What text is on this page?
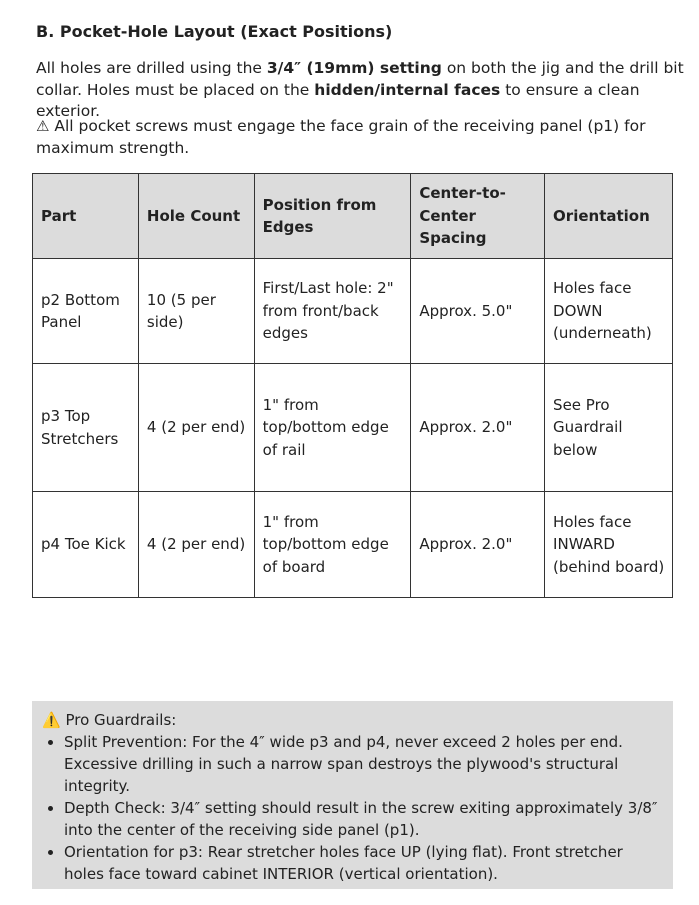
B. Pocket-Hole Layout (Exact Positions)

All holes are drilled using the 3/4″ (19mm) setting on both the jig and the drill bit collar. Holes must be placed on the hidden/internal faces to ensure a clean exterior.

⚠ All pocket screws must engage the face grain of the receiving panel (p1) for maximum strength.

Part	Hole Count	Position from Edges	Center-to-Center Spacing	Orientation
p2 Bottom Panel	10 (5 per side)	First/Last hole: 2" from front/back edges	Approx. 5.0"	Holes face DOWN (underneath)
p3 Top Stretchers	4 (2 per end)	1" from top/bottom edge of rail	Approx. 2.0"	See Pro Guardrail below
p4 Toe Kick	4 (2 per end)	1" from top/bottom edge of board	Approx. 2.0"	Holes face INWARD (behind board)
⚠️ Pro Guardrails:
• Split Prevention: For the 4″ wide p3 and p4, never exceed 2 holes per end. Excessive drilling in such a narrow span destroys the plywood's structural integrity.
• Depth Check: 3/4″ setting should result in the screw exiting approximately 3/8″ into the center of the receiving side panel (p1).
• Orientation for p3: Rear stretcher holes face UP (lying flat). Front stretcher holes face toward cabinet INTERIOR (vertical orientation).
